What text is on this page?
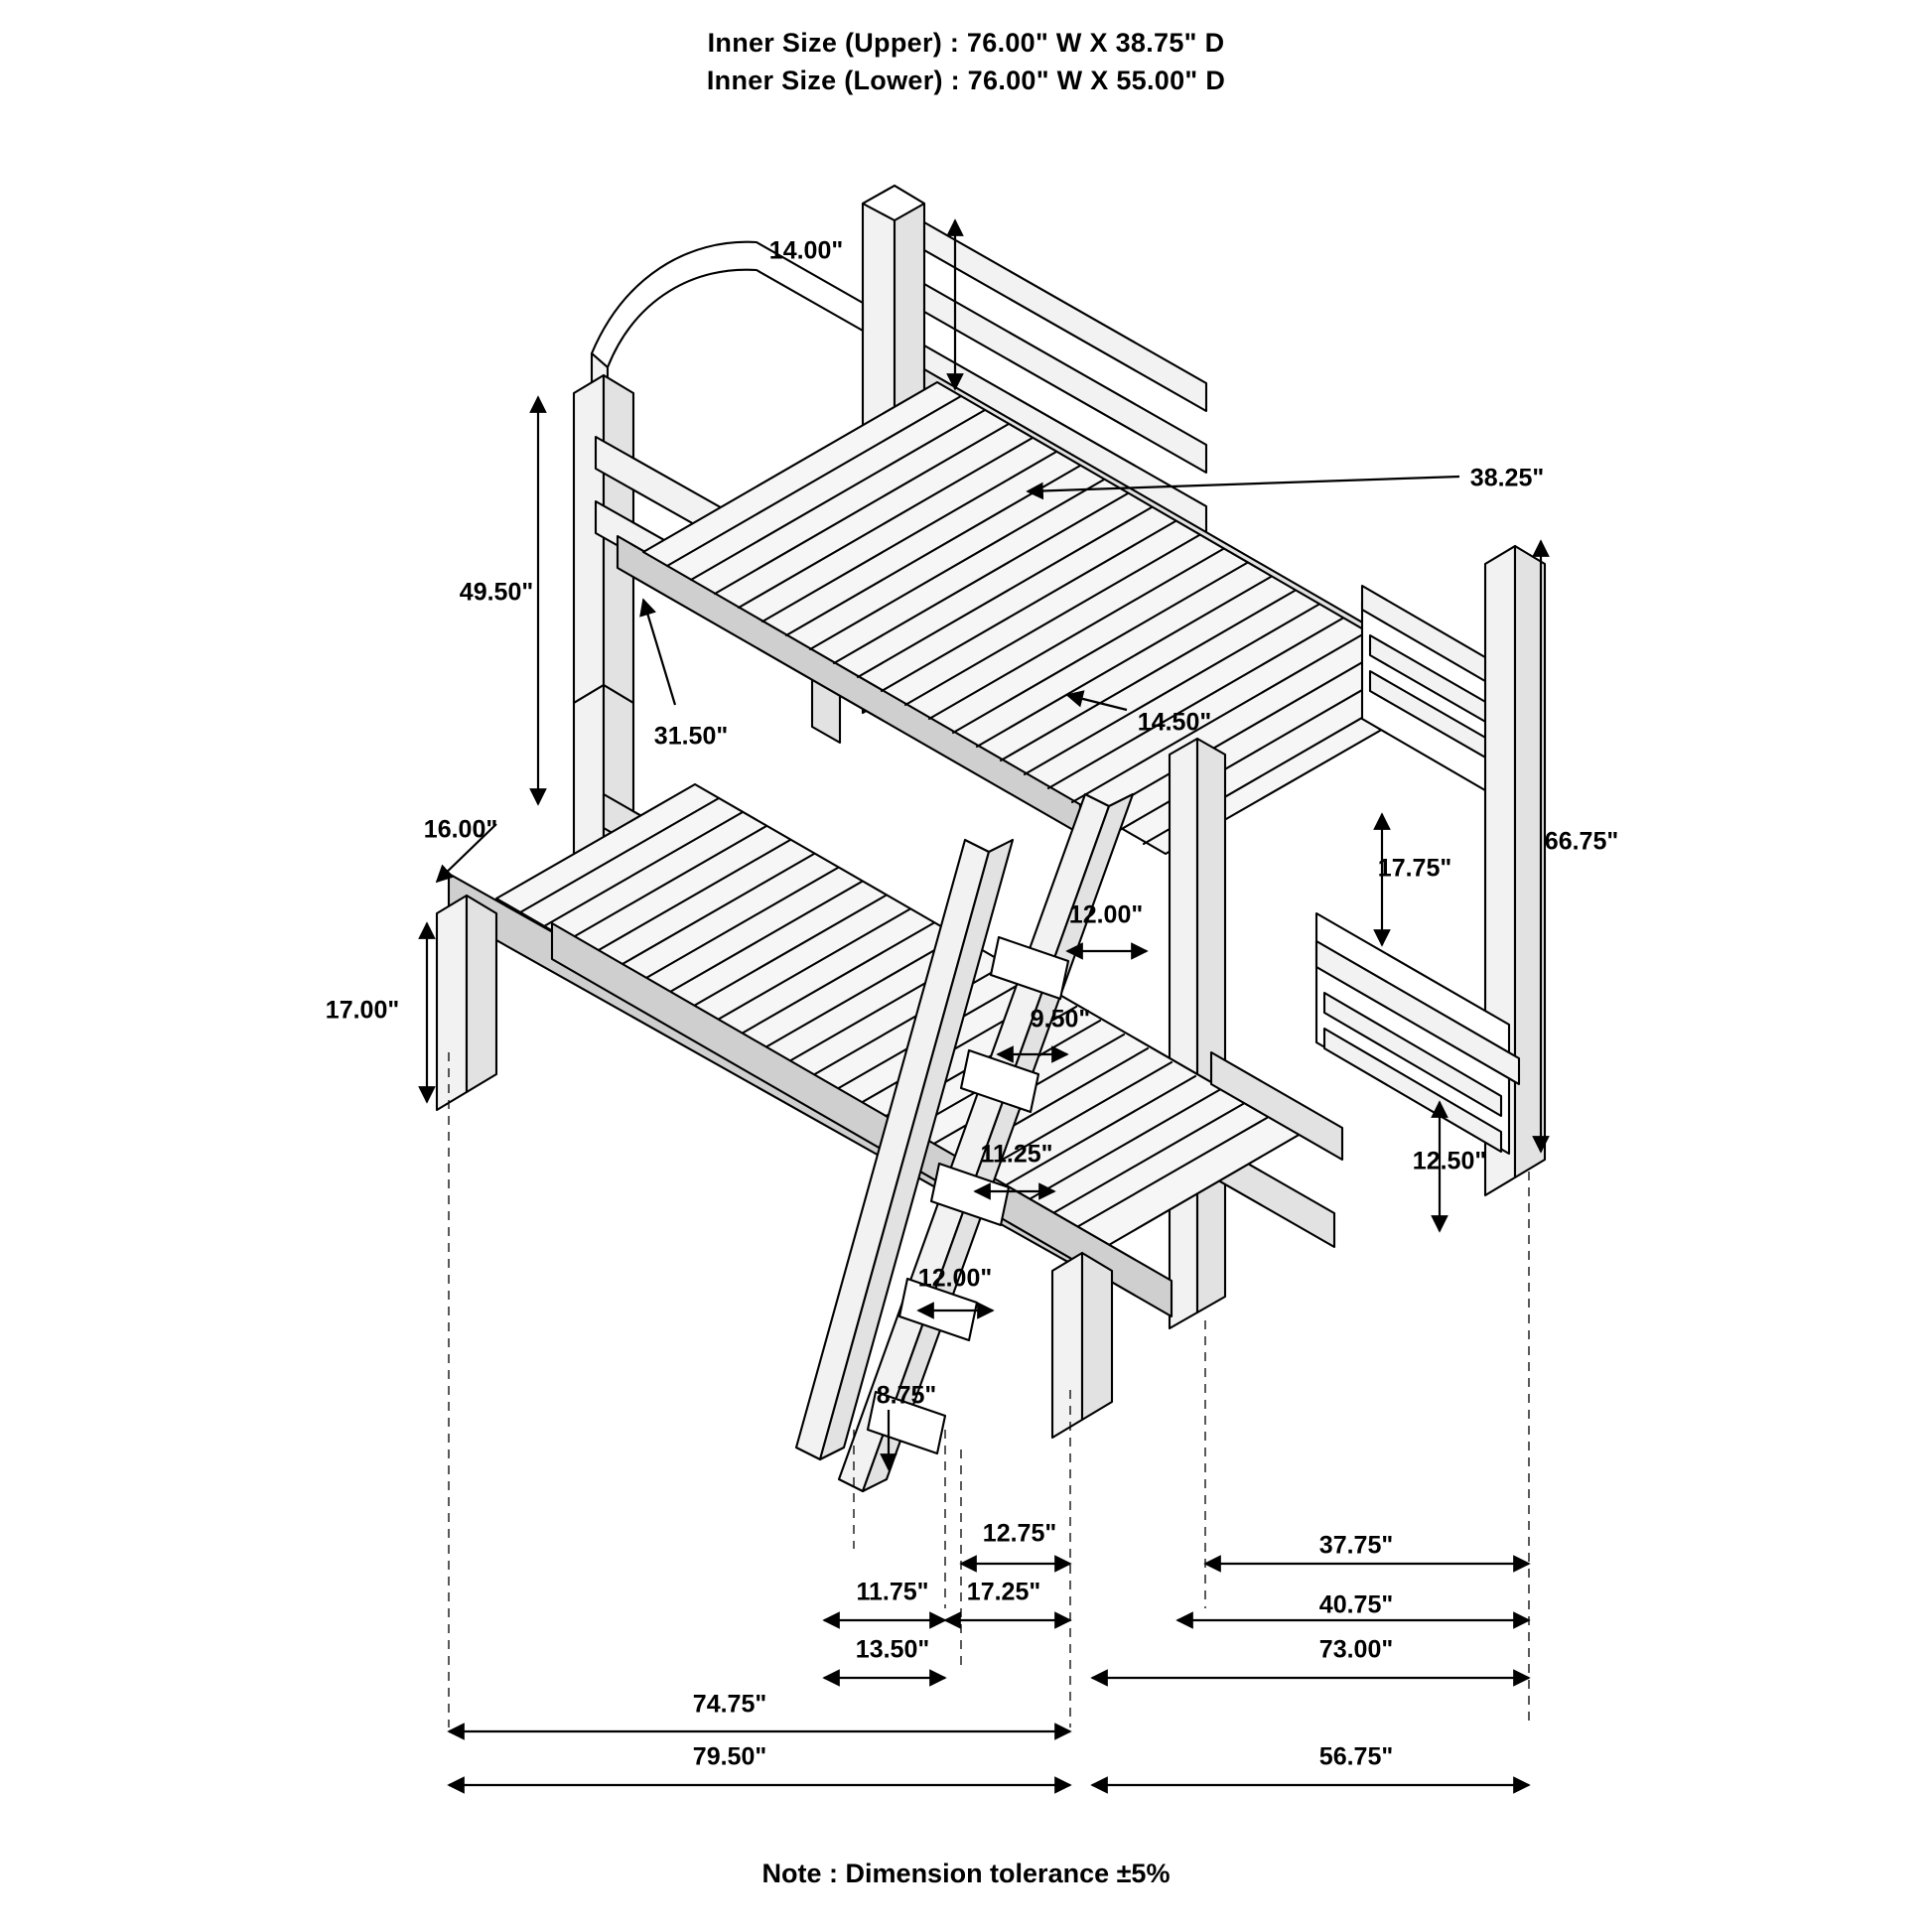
Inner Size (Upper) : 76.00" W X 38.75" D
Inner Size (Lower) : 76.00" W X 55.00" D
14.00"
38.25"
49.50"
31.50"	14.50"
66.75"
16.00"
17.75"
12.00"
17.00"	9.50"
11.25"	12.50"
12.00"
8.75"
12.75"	37.75"
11.75" 17.25"	40.75"
13.50"	73.00"
74.75"
79.50"	56.75"
Note : Dimension tolerance ±5%
